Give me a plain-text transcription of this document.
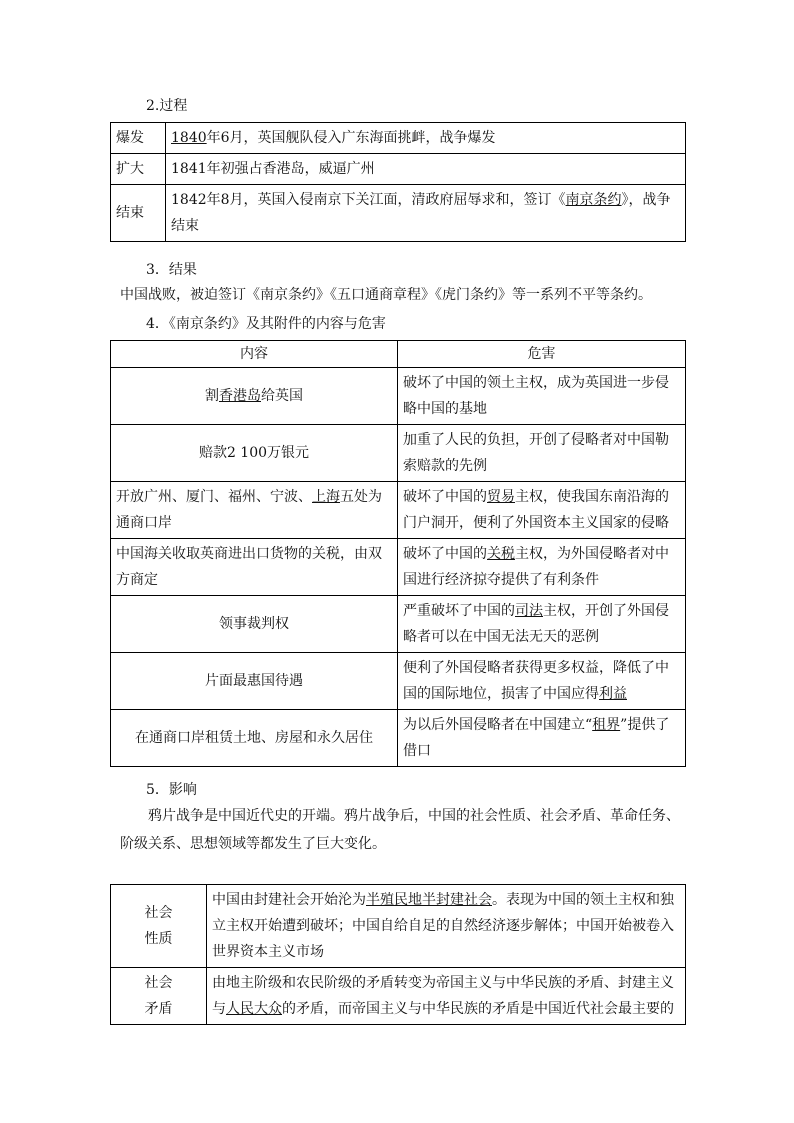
2.过程
爆发	1840年6月，英国舰队侵入广东海面挑衅，战争爆发
扩大	1841年初强占香港岛，威逼广州
结束	1842年8月，英国入侵南京下关江面，清政府屈辱求和，签订《南京条约》，战争结束
3．结果
中国战败，被迫签订《南京条约》《五口通商章程》《虎门条约》等一系列不平等条约。
4．《南京条约》及其附件的内容与危害
内容	危害
割香港岛给英国	破坏了中国的领土主权，成为英国进一步侵略中国的基地
赔款2 100万银元	加重了人民的负担，开创了侵略者对中国勒索赔款的先例
开放广州、厦门、福州、宁波、上海五处为通商口岸	破坏了中国的贸易主权，使我国东南沿海的门户洞开，便利了外国资本主义国家的侵略
中国海关收取英商进出口货物的关税，由双方商定	破坏了中国的关税主权，为外国侵略者对中国进行经济掠夺提供了有利条件
领事裁判权	严重破坏了中国的司法主权，开创了外国侵略者可以在中国无法无天的恶例
片面最惠国待遇	便利了外国侵略者获得更多权益，降低了中国的国际地位，损害了中国应得利益
在通商口岸租赁土地、房屋和永久居住	为以后外国侵略者在中国建立“租界”提供了借口
5．影响
鸦片战争是中国近代史的开端。鸦片战争后，中国的社会性质、社会矛盾、革命任务、阶级关系、思想领域等都发生了巨大变化。
社会性质	中国由封建社会开始沦为半殖民地半封建社会。表现为中国的领土主权和独立主权开始遭到破坏；中国自给自足的自然经济逐步解体；中国开始被卷入世界资本主义市场
社会矛盾	由地主阶级和农民阶级的矛盾转变为帝国主义与中华民族的矛盾、封建主义与人民大众的矛盾，而帝国主义与中华民族的矛盾是中国近代社会最主要的
